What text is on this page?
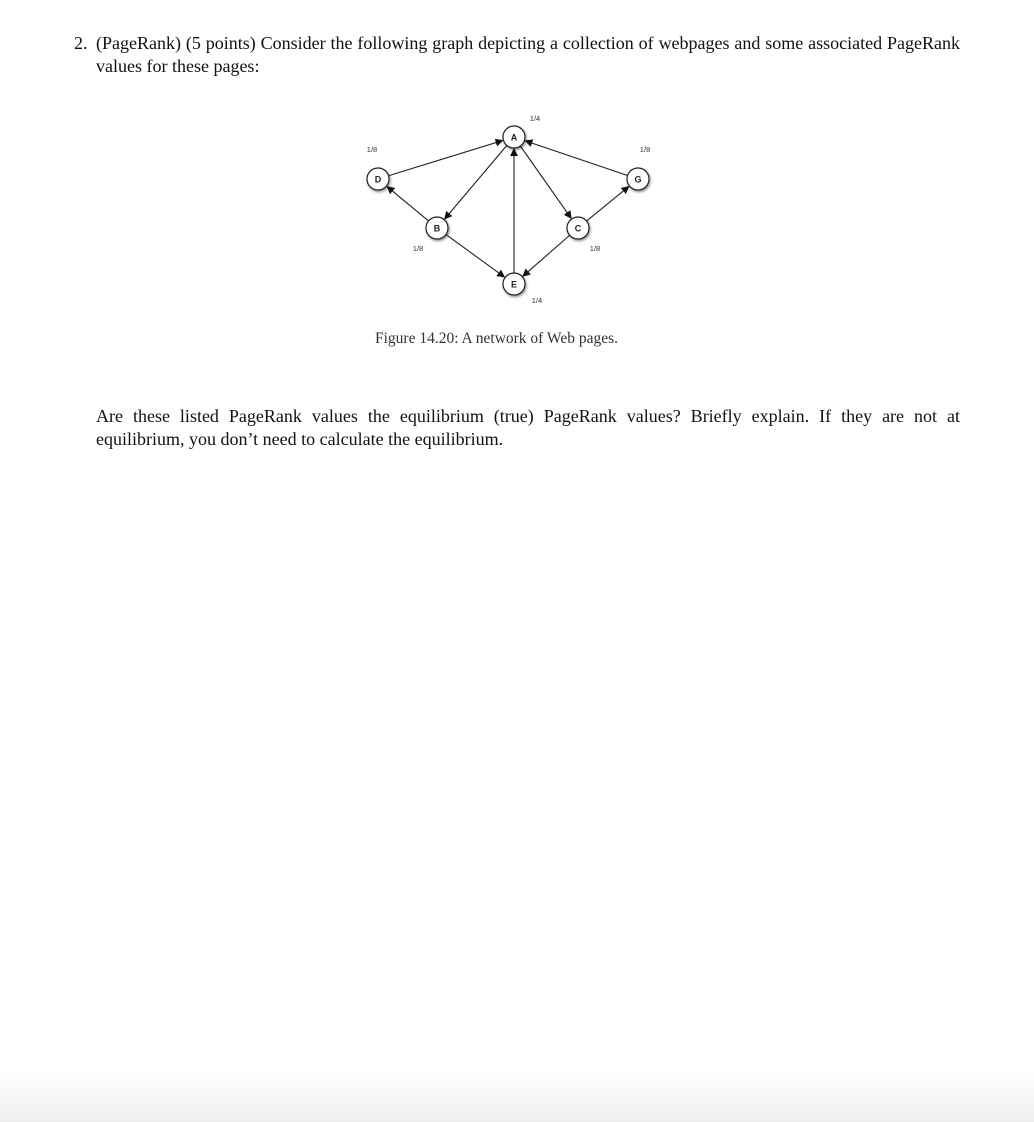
2. (PageRank) (5 points) Consider the following graph depicting a collection of webpages and some associated PageRank values for these pages:
A
B	C
D
E
G
1/4
1/8	1/8
1/8
1/4
1/8
Figure 14.20: A network of Web pages.
Are these listed PageRank values the equilibrium (true) PageRank values? Briefly explain. If they are not at equilibrium, you don’t need to calculate the equilibrium.
